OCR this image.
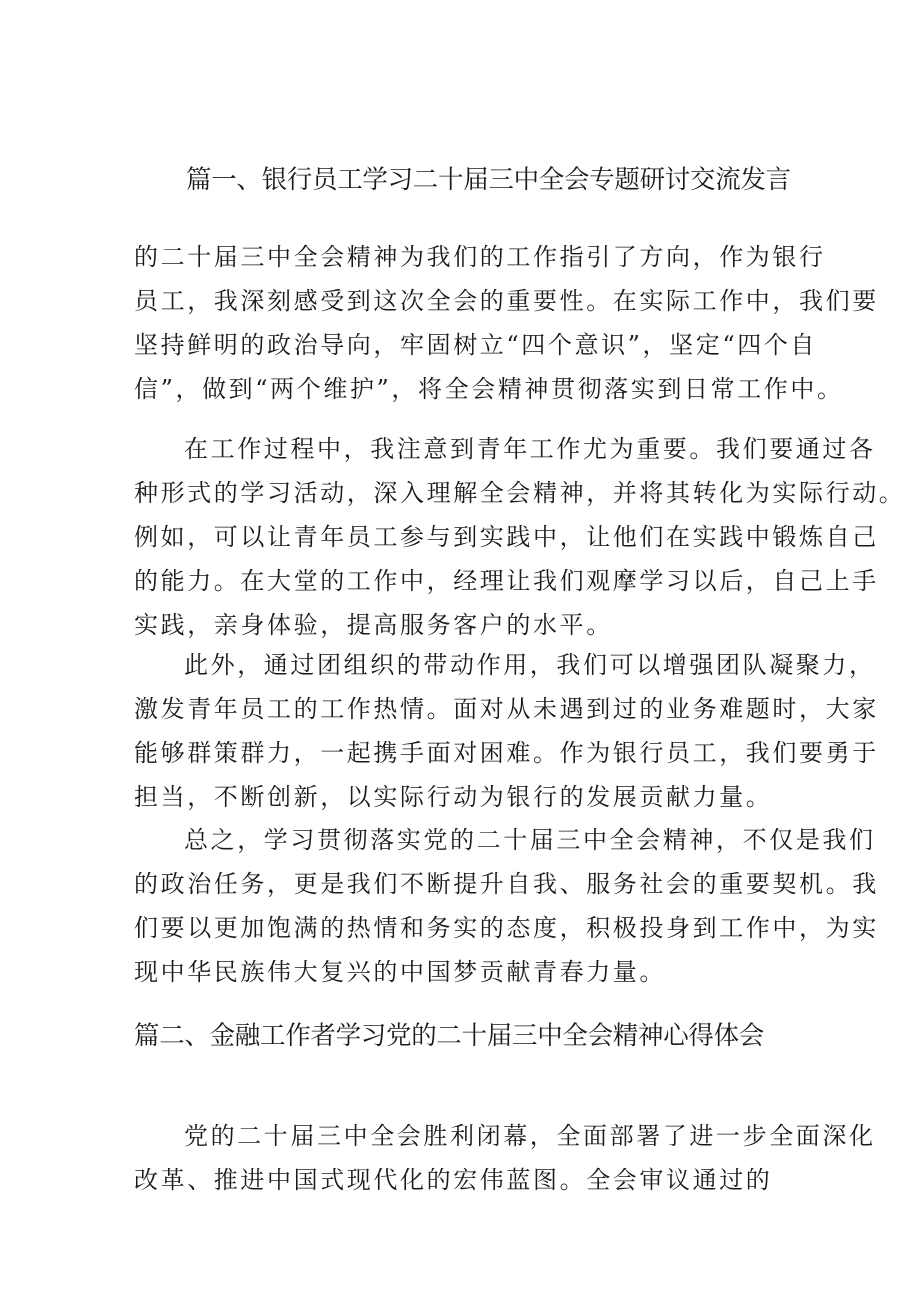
篇一、银行员工学习二十届三中全会专题研讨交流发言
的二十届三中全会精神为我们的工作指引了方向，作为银行
员工，我深刻感受到这次全会的重要性。在实际工作中，我们要
坚持鲜明的政治导向，牢固树立“四个意识”，坚定“四个自
信”，做到“两个维护”，将全会精神贯彻落实到日常工作中。
在工作过程中，我注意到青年工作尤为重要。我们要通过各
种形式的学习活动，深入理解全会精神，并将其转化为实际行动。
例如，可以让青年员工参与到实践中，让他们在实践中锻炼自己
的能力。在大堂的工作中，经理让我们观摩学习以后，自己上手
实践，亲身体验，提高服务客户的水平。
此外，通过团组织的带动作用，我们可以增强团队凝聚力，
激发青年员工的工作热情。面对从未遇到过的业务难题时，大家
能够群策群力，一起携手面对困难。作为银行员工，我们要勇于
担当，不断创新，以实际行动为银行的发展贡献力量。
总之，学习贯彻落实党的二十届三中全会精神，不仅是我们
的政治任务，更是我们不断提升自我、服务社会的重要契机。我
们要以更加饱满的热情和务实的态度，积极投身到工作中，为实
现中华民族伟大复兴的中国梦贡献青春力量。
篇二、金融工作者学习党的二十届三中全会精神心得体会
党的二十届三中全会胜利闭幕，全面部署了进一步全面深化
改革、推进中国式现代化的宏伟蓝图。全会审议通过的
